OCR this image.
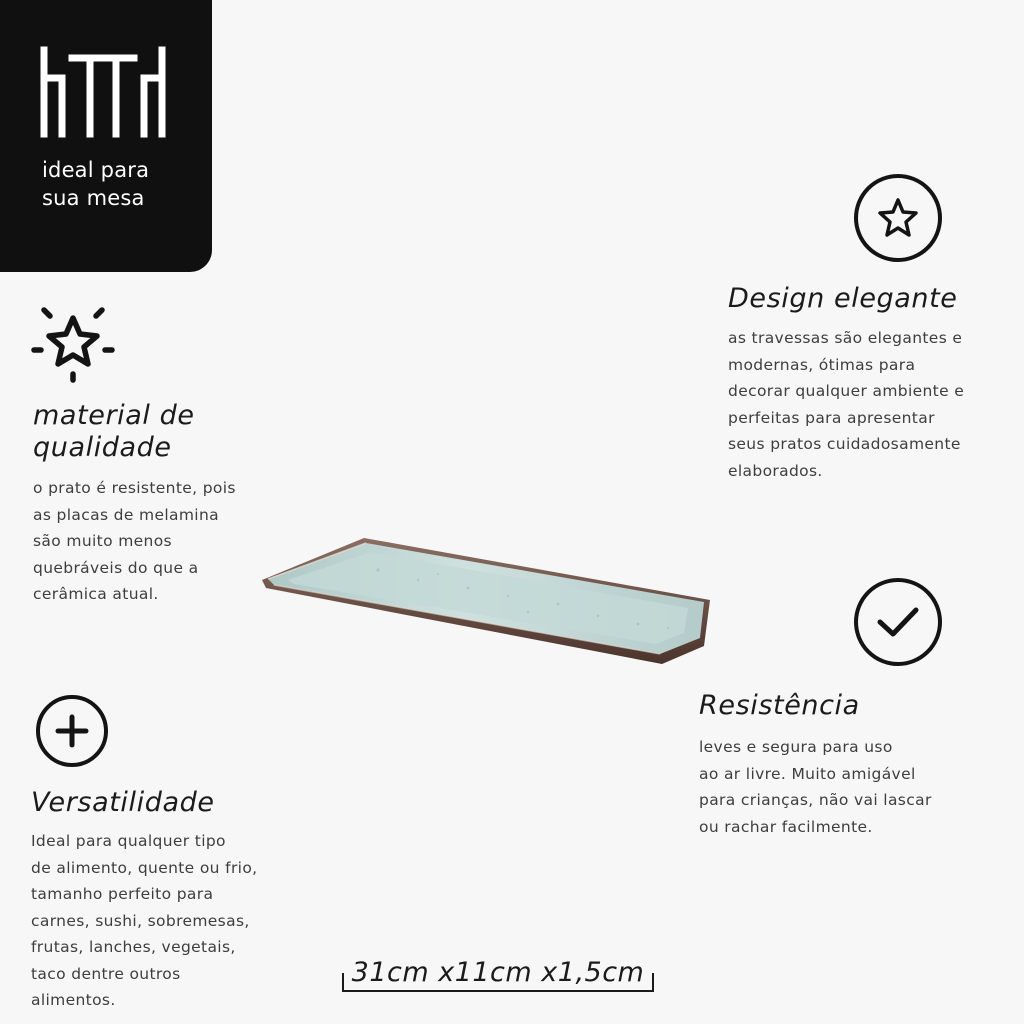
ideal para
sua mesa
material de
qualidade
o prato é resistente, pois
as placas de melamina
são muito menos
quebráveis do que a
cerâmica atual.
Design elegante
as travessas são elegantes e
modernas, ótimas para
decorar qualquer ambiente e
perfeitas para apresentar
seus pratos cuidadosamente
elaborados.
Resistência
leves e segura para uso
ao ar livre. Muito amigável
para crianças, não vai lascar
ou rachar facilmente.
Versatilidade
Ideal para qualquer tipo
de alimento, quente ou frio,
tamanho perfeito para
carnes, sushi, sobremesas,
frutas, lanches, vegetais,
taco dentre outros
alimentos.
31cm x11cm x1,5cm
